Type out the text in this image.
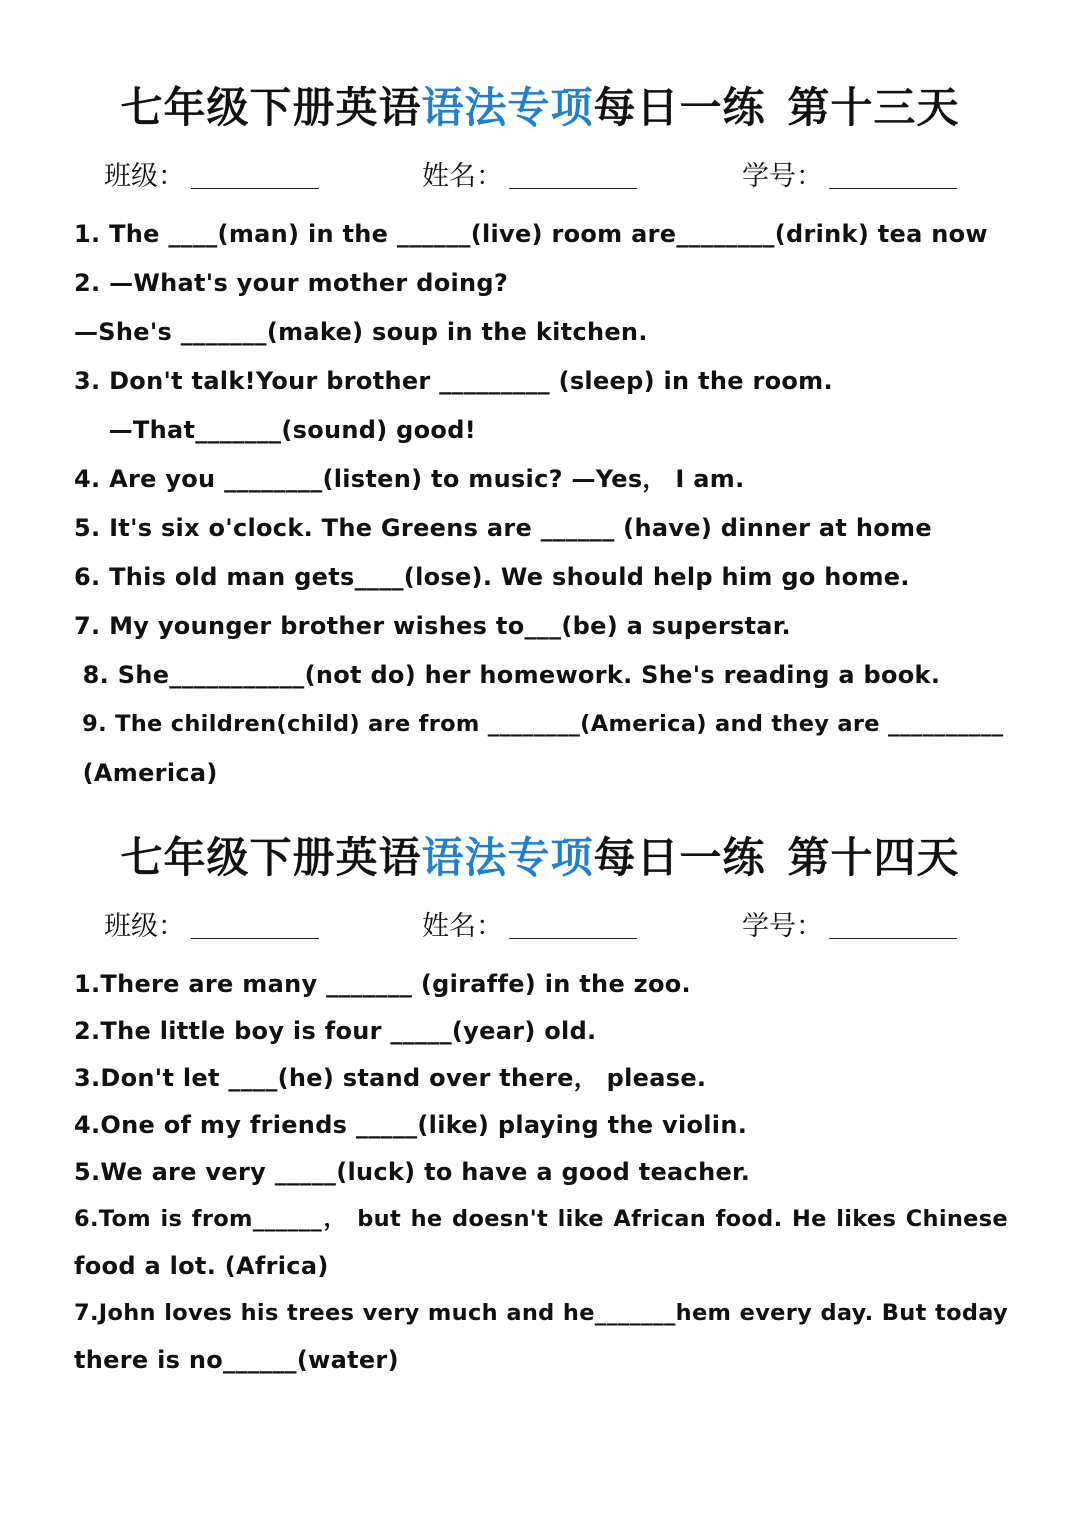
七年级下册英语语法专项每日一练 第十三天
班级：	姓名：	学号：
1. The ____(man) in the ______(live) room are________(drink) tea now
2. —What's your mother doing?
—She's _______(make) soup in the kitchen.
3. Don't talk!Your brother _________ (sleep) in the room.
—That_______(sound) good!
4. Are you ________(listen) to music? —Yes， I am.
5. It's six o'clock. The Greens are ______ (have) dinner at home
6. This old man gets____(lose). We should help him go home.
7. My younger brother wishes to___(be) a superstar.
8. She___________(not do) her homework. She's reading a book.
9. The children(child) are from ________(America) and they are __________
(America)
七年级下册英语语法专项每日一练 第十四天
班级：	姓名：	学号：
1.There are many _______ (giraffe) in the zoo.
2.The little boy is four _____(year) old.
3.Don't let ____(he) stand over there， please.
4.One of my friends _____(like) playing the violin.
5.We are very _____(luck) to have a good teacher.
6.Tom is from______， but he doesn't like African food. He likes Chinese
food a lot. (Africa)
7.John loves his trees very much and he_______hem every day. But today
there is no______(water)
